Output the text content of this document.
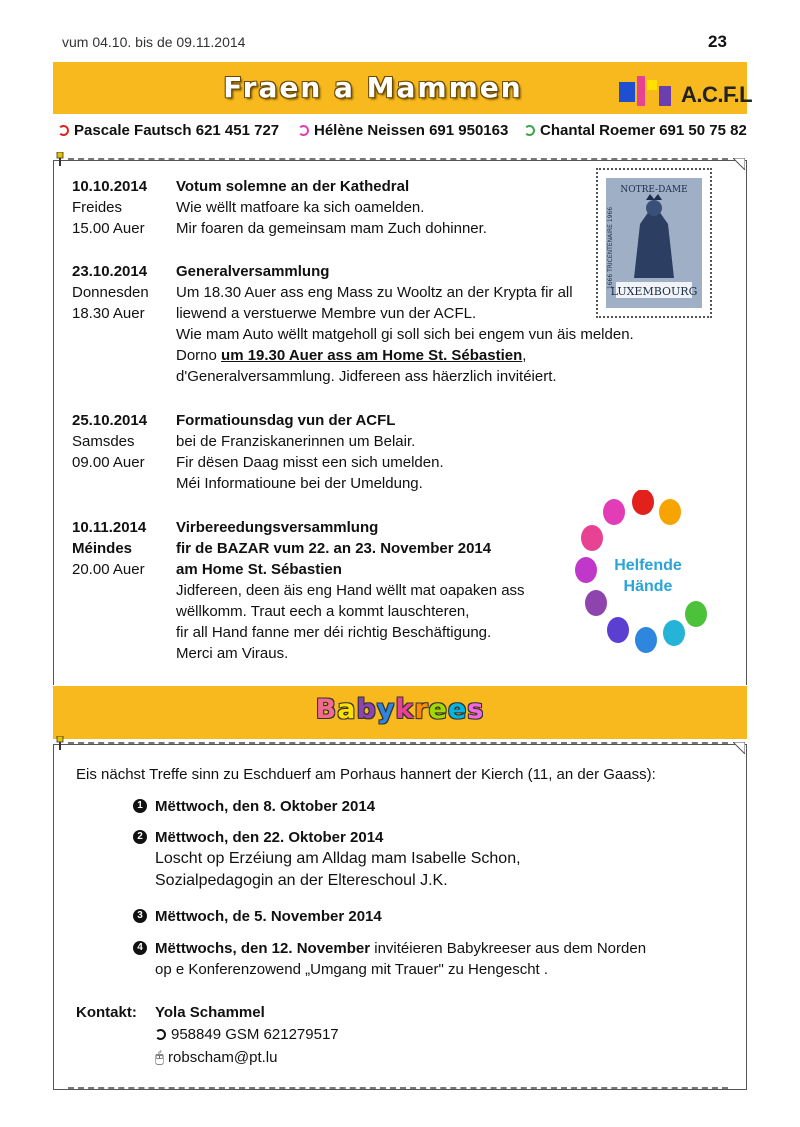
vum 04.10. bis de 09.11.2014	23
Fraen a Mammen	A.C.F.L
Pascale Fautsch 621 451 727	Hélène Neissen 691 950163	Chantal Roemer 691 50 75 82
10.10.2014 Votum solemne an der Kathedral
Freides	Wie wëllt matfoare ka sich oamelden.
15.00 Auer Mir foaren da gemeinsam mam Zuch dohinner.
23.10.2014 Generalversammlung
Donnesden Um 18.30 Auer ass eng Mass zu Wooltz an der Krypta fir all
18.30 Auer liewend a verstuerwe Membre vun der ACFL.
Wie mam Auto wëllt matgeholl gi soll sich bei engem vun äis melden.
Dorno um 19.30 Auer ass am Home St. Sébastien,
d'Generalversammlung. Jidfereen ass häerzlich invitéiert.
25.10.2014 Formatiounsdag vun der ACFL
Samsdes	bei de Franziskanerinnen um Belair.
09.00 Auer Fir dësen Daag misst een sich umelden.
Méi Informatioune bei der Umeldung.
10.11.2014 Virbereedungsversammlung
Méindes	fir de BAZAR vum 22. an 23. November 2014
20.00 Auer am Home St. Sébastien
Jidfereen, deen äis eng Hand wëllt mat oapaken ass
wëllkomm. Traut eech a kommt lauschteren,
fir all Hand fanne mer déi richtig Beschäftigung.
Merci am Viraus.
NOTRE-DAME
LUXEMBOURG
1666 TRICENTENAIRE 1966
Helfende
Hände
Babykrees
Eis nächst Treffe sinn zu Eschduerf am Porhaus hannert der Kierch (11, an der Gaass):
1 Mëttwoch, den 8. Oktober 2014
2 Mëttwoch, den 22. Oktober 2014
Loscht op Erzéiung am Alldag mam Isabelle Schon,
Sozialpedagogin an der Eltereschoul J.K.
3 Mëttwoch, de 5. November 2014
4 Mëttwochs, den 12. November invitéieren Babykreeser aus dem Norden
op e Konferenzowend „Umgang mit Trauer" zu Hengescht .
Kontakt: Yola Schammel
958849 GSM 621279517
🖰 robscham@pt.lu
